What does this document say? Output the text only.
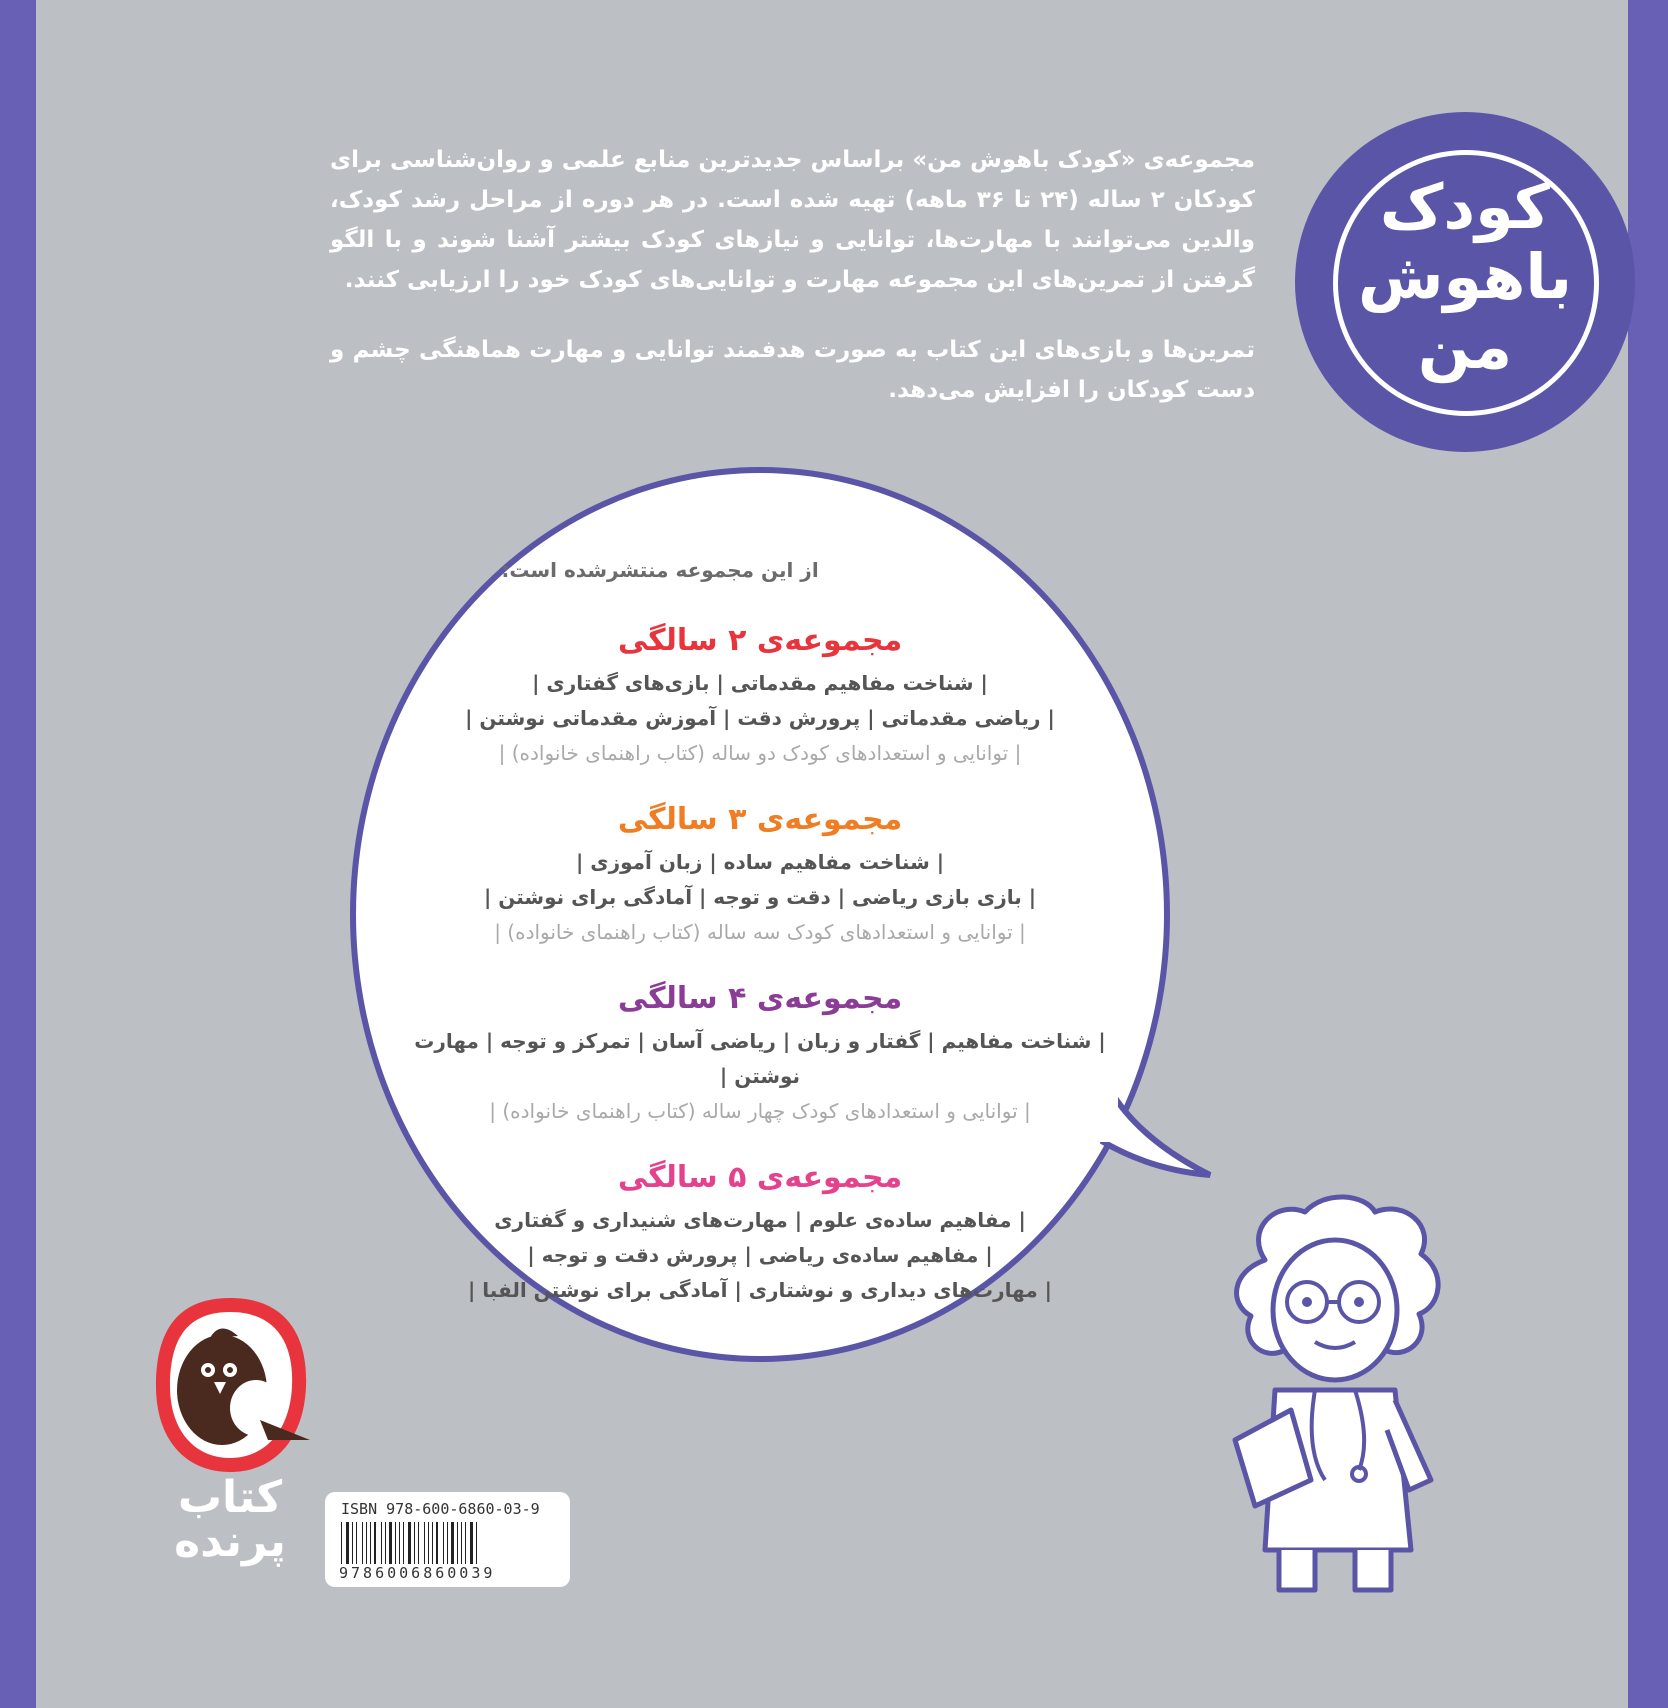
مجموعه‌ی «کودک باهوش من» براساس جدیدترین منابع علمی و روان‌شناسی برای کودکان ۲ ساله (۲۴ تا ۳۶ ماهه) تهیه شده است. در هر دوره از مراحل رشد کودک، والدین می‌توانند با مهارت‌ها، توانایی و نیازهای کودک بیشتر آشنا شوند و با الگو گرفتن از تمرین‌های این مجموعه مهارت و توانایی‌های کودک خود را ارزیابی کنند.

تمرین‌ها و بازی‌های این کتاب به صورت هدفمند توانایی و مهارت هماهنگی چشم و دست کودکان را افزایش می‌دهد.

کودک
باهوش
من
از این مجموعه منتشرشده است:
مجموعه‌ی ۲ سالگی
| شناخت مفاهیم مقدماتی | بازی‌های گفتاری |
| ریاضی مقدماتی | پرورش دقت | آموزش مقدماتی نوشتن |
| توانایی و استعدادهای کودک دو ساله (کتاب راهنمای خانواده) |
مجموعه‌ی ۳ سالگی
| شناخت مفاهیم ساده | زبان آموزی |
| بازی بازی ریاضی | دقت و توجه | آمادگی برای نوشتن |
| توانایی و استعدادهای کودک سه ساله (کتاب راهنمای خانواده) |
مجموعه‌ی ۴ سالگی
| شناخت مفاهیم | گفتار و زبان | ریاضی آسان | تمرکز و توجه | مهارت نوشتن |
| توانایی و استعدادهای کودک چهار ساله (کتاب راهنمای خانواده) |
مجموعه‌ی ۵ سالگی
| مفاهیم ساده‌ی علوم | مهارت‌های شنیداری و گفتاری
| مفاهیم ساده‌ی ریاضی | پرورش دقت و توجه |
| مهارت‌های دیداری و نوشتاری | آمادگی برای نوشتن الفبا |
کتاب
پرنده
ISBN 978-600-6860-03-9
9786006860039
